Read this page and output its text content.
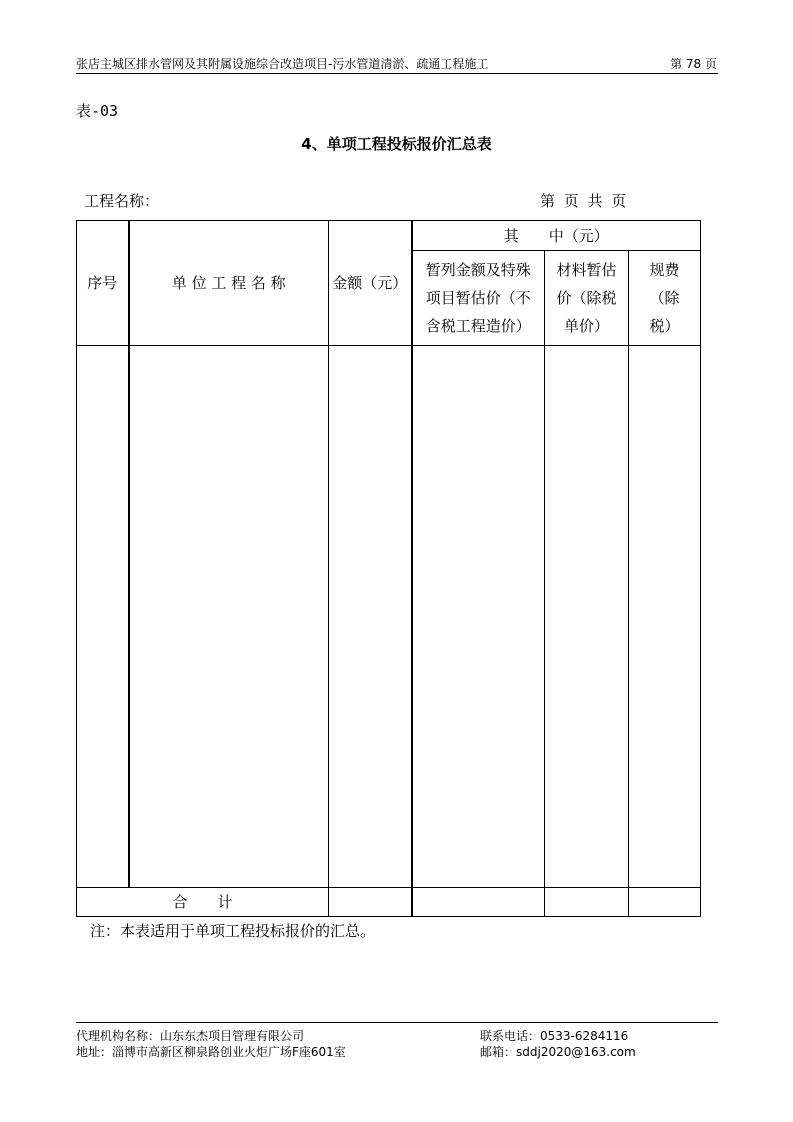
张店主城区排水管网及其附属设施综合改造项目-污水管道清淤、疏通工程施工	第 78 页
表-03
4、单项工程投标报价汇总表
工程名称：	第 页 共 页
序号	单 位 工 程 名 称	金额（元）	其　　中（元）		
			暂列金额及特殊项目暂估价（不含税工程造价）	材料暂估价（除税单价）	规费（除税）

合　　计					
注：本表适用于单项工程投标报价的汇总。
代理机构名称：山东东杰项目管理有限公司
地址：淄博市高新区柳泉路创业火炬广场F座601室
联系电话：0533-6284116
邮箱：sddj2020@163.com
